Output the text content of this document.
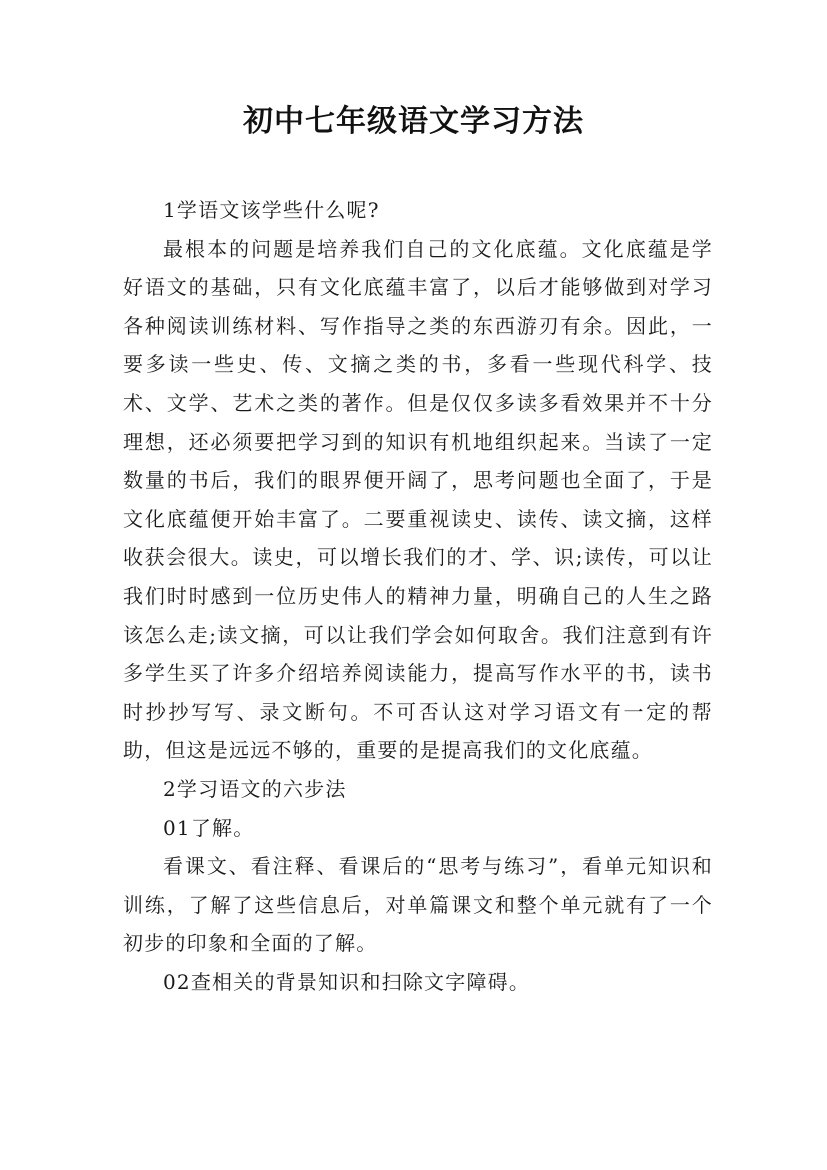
初中七年级语文学习方法

1学语文该学些什么呢?

最根本的问题是培养我们自己的文化底蕴。文化底蕴是学好语文的基础，只有文化底蕴丰富了，以后才能够做到对学习各种阅读训练材料、写作指导之类的东西游刃有余。因此，一要多读一些史、传、文摘之类的书，多看一些现代科学、技术、文学、艺术之类的著作。但是仅仅多读多看效果并不十分理想，还必须要把学习到的知识有机地组织起来。当读了一定数量的书后，我们的眼界便开阔了，思考问题也全面了，于是文化底蕴便开始丰富了。二要重视读史、读传、读文摘，这样收获会很大。读史，可以增长我们的才、学、识;读传，可以让我们时时感到一位历史伟人的精神力量，明确自己的人生之路该怎么走;读文摘，可以让我们学会如何取舍。我们注意到有许多学生买了许多介绍培养阅读能力，提高写作水平的书，读书时抄抄写写、录文断句。不可否认这对学习语文有一定的帮助，但这是远远不够的，重要的是提高我们的文化底蕴。

2学习语文的六步法

01了解。

看课文、看注释、看课后的“思考与练习”，看单元知识和训练，了解了这些信息后，对单篇课文和整个单元就有了一个初步的印象和全面的了解。

02查相关的背景知识和扫除文字障碍。
